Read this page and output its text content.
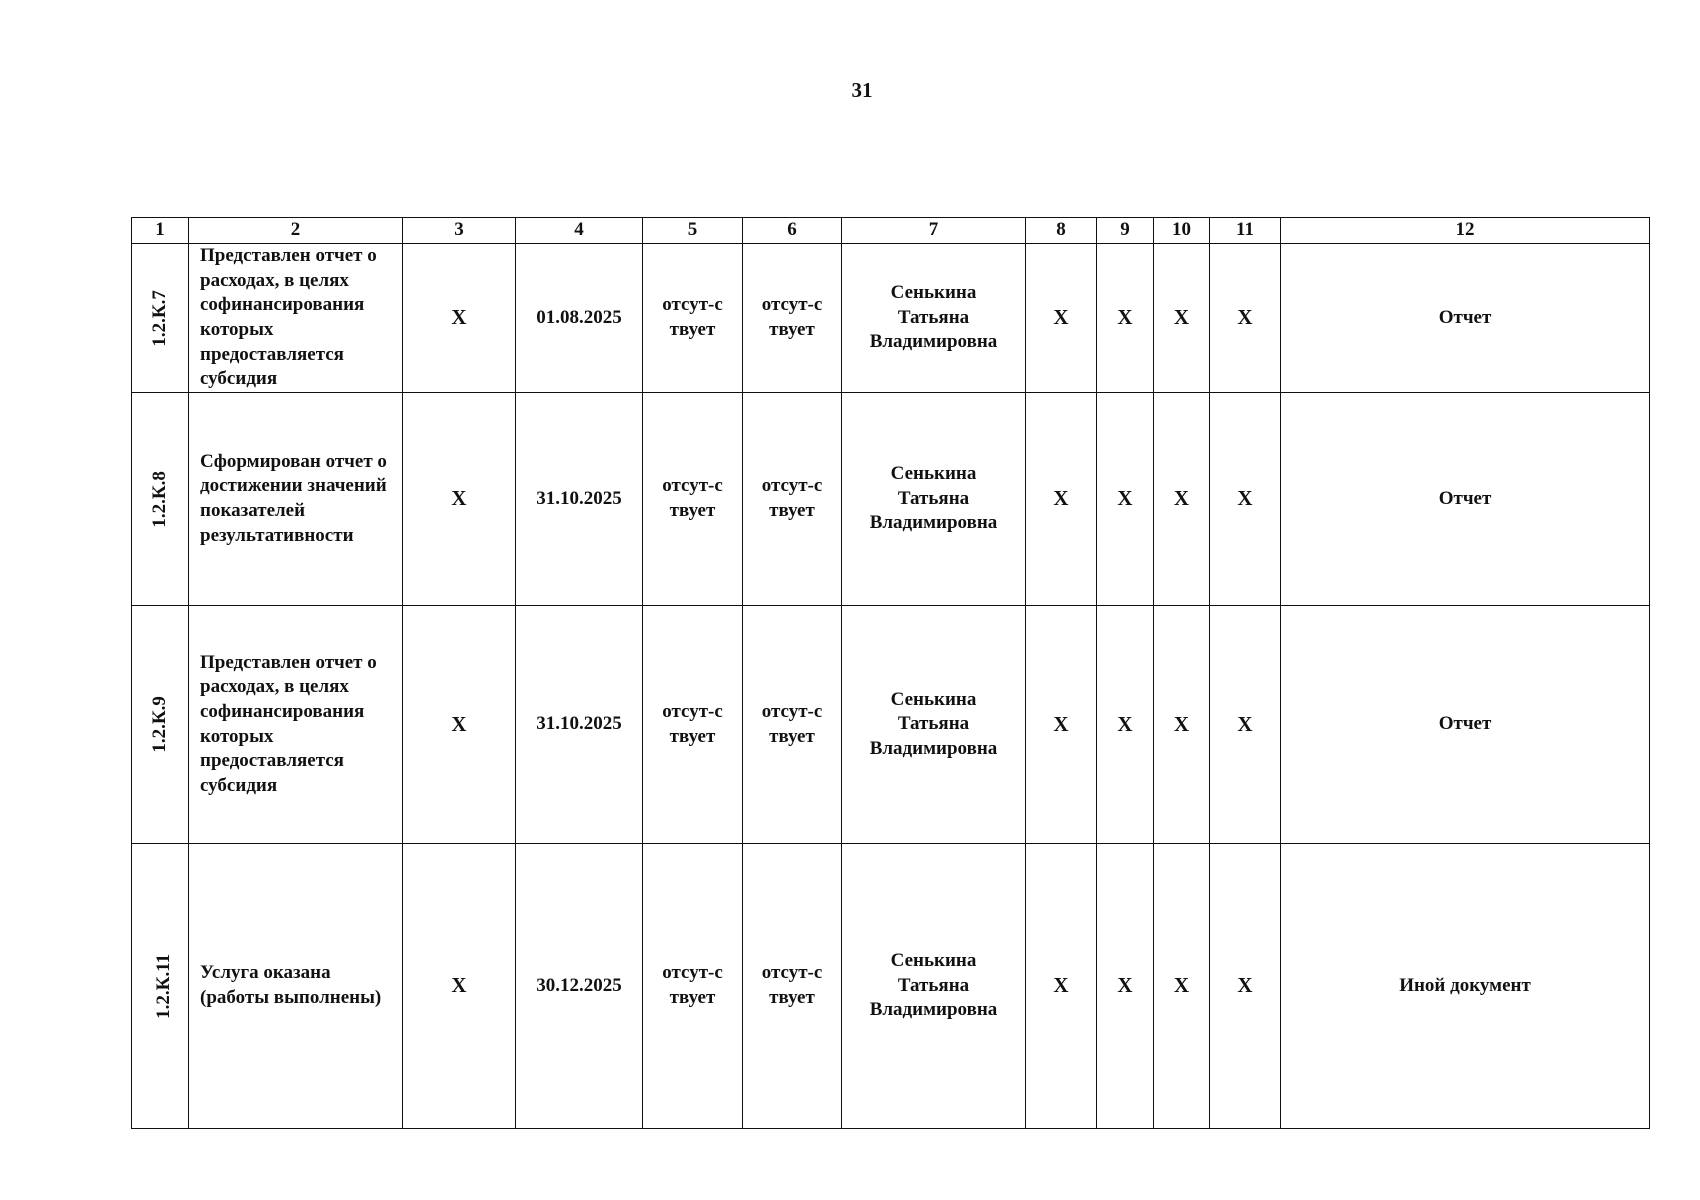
31
1	2	3	4	5	6	7	8	9	10	11	12
1.2.К.7	Представлен отчет о расходах, в целях софинансирования которых предоставляется субсидия	X	01.08.2025	отсут-ствует	отсут-ствует	Сенькина Татьяна Владимировна	X	X	X	X	Отчет
1.2.К.8	Сформирован отчет о достижении значений показателей результативности	X	31.10.2025	отсут-ствует	отсут-ствует	Сенькина Татьяна Владимировна	X	X	X	X	Отчет
1.2.К.9	Представлен отчет о расходах, в целях софинансирования которых предоставляется субсидия	X	31.10.2025	отсут-ствует	отсут-ствует	Сенькина Татьяна Владимировна	X	X	X	X	Отчет
1.2.К.11	Услуга оказана (работы выполнены)	X	30.12.2025	отсут-ствует	отсут-ствует	Сенькина Татьяна Владимировна	X	X	X	X	Иной документ
